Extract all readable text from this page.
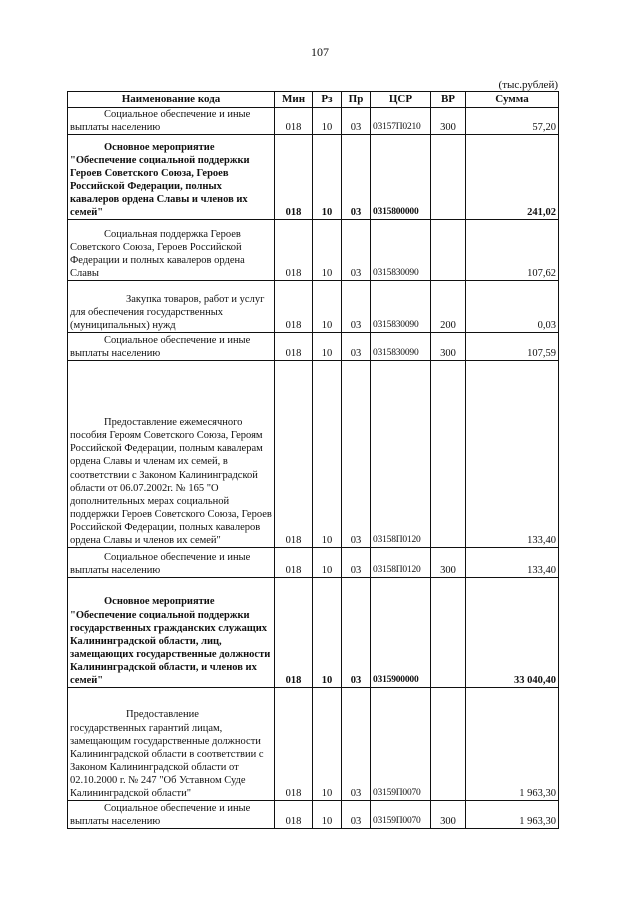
107
(тыс.рублей)
Наименование кода	Мин	Рз	Пр	ЦСР	ВР	Сумма
Социальное обеспечение и иные выплаты населению	018	10	03	03157П0210	300	57,20
Основное мероприятие "Обеспечение социальной поддержки Героев Советского Союза, Героев Российской Федерации, полных кавалеров ордена Славы и членов их семей"	018	10	03	0315800000		241,02
Социальная поддержка Героев Советского Союза, Героев Российской Федерации и полных кавалеров ордена Славы	018	10	03	0315830090		107,62
Закупка товаров, работ и услуг для обеспечения государственных (муниципальных) нужд	018	10	03	0315830090	200	0,03
Социальное обеспечение и иные выплаты населению	018	10	03	0315830090	300	107,59
Предоставление ежемесячного пособия Героям Советского Союза, Героям Российской Федерации, полным кавалерам ордена Славы и членам их семей, в соответствии с Законом Калининградской области от 06.07.2002г. № 165 "О дополнительных мерах социальной поддержки Героев Советского Союза, Героев Российской Федерации, полных кавалеров ордена Славы и членов их семей"	018	10	03	03158П0120		133,40
Социальное обеспечение и иные выплаты населению	018	10	03	03158П0120	300	133,40
Основное мероприятие "Обеспечение социальной поддержки государственных гражданских служащих Калининградской области, лиц, замещающих государственные должности Калининградской области, и членов их семей"	018	10	03	0315900000		33 040,40
Предоставление государственных гарантий лицам, замещающим государственные должности Калининградской области в соответствии с Законом Калининградской области от 02.10.2000 г. № 247 "Об Уставном Суде Калининградской области"	018	10	03	03159П0070		1 963,30
Социальное обеспечение и иные выплаты населению	018	10	03	03159П0070	300	1 963,30
